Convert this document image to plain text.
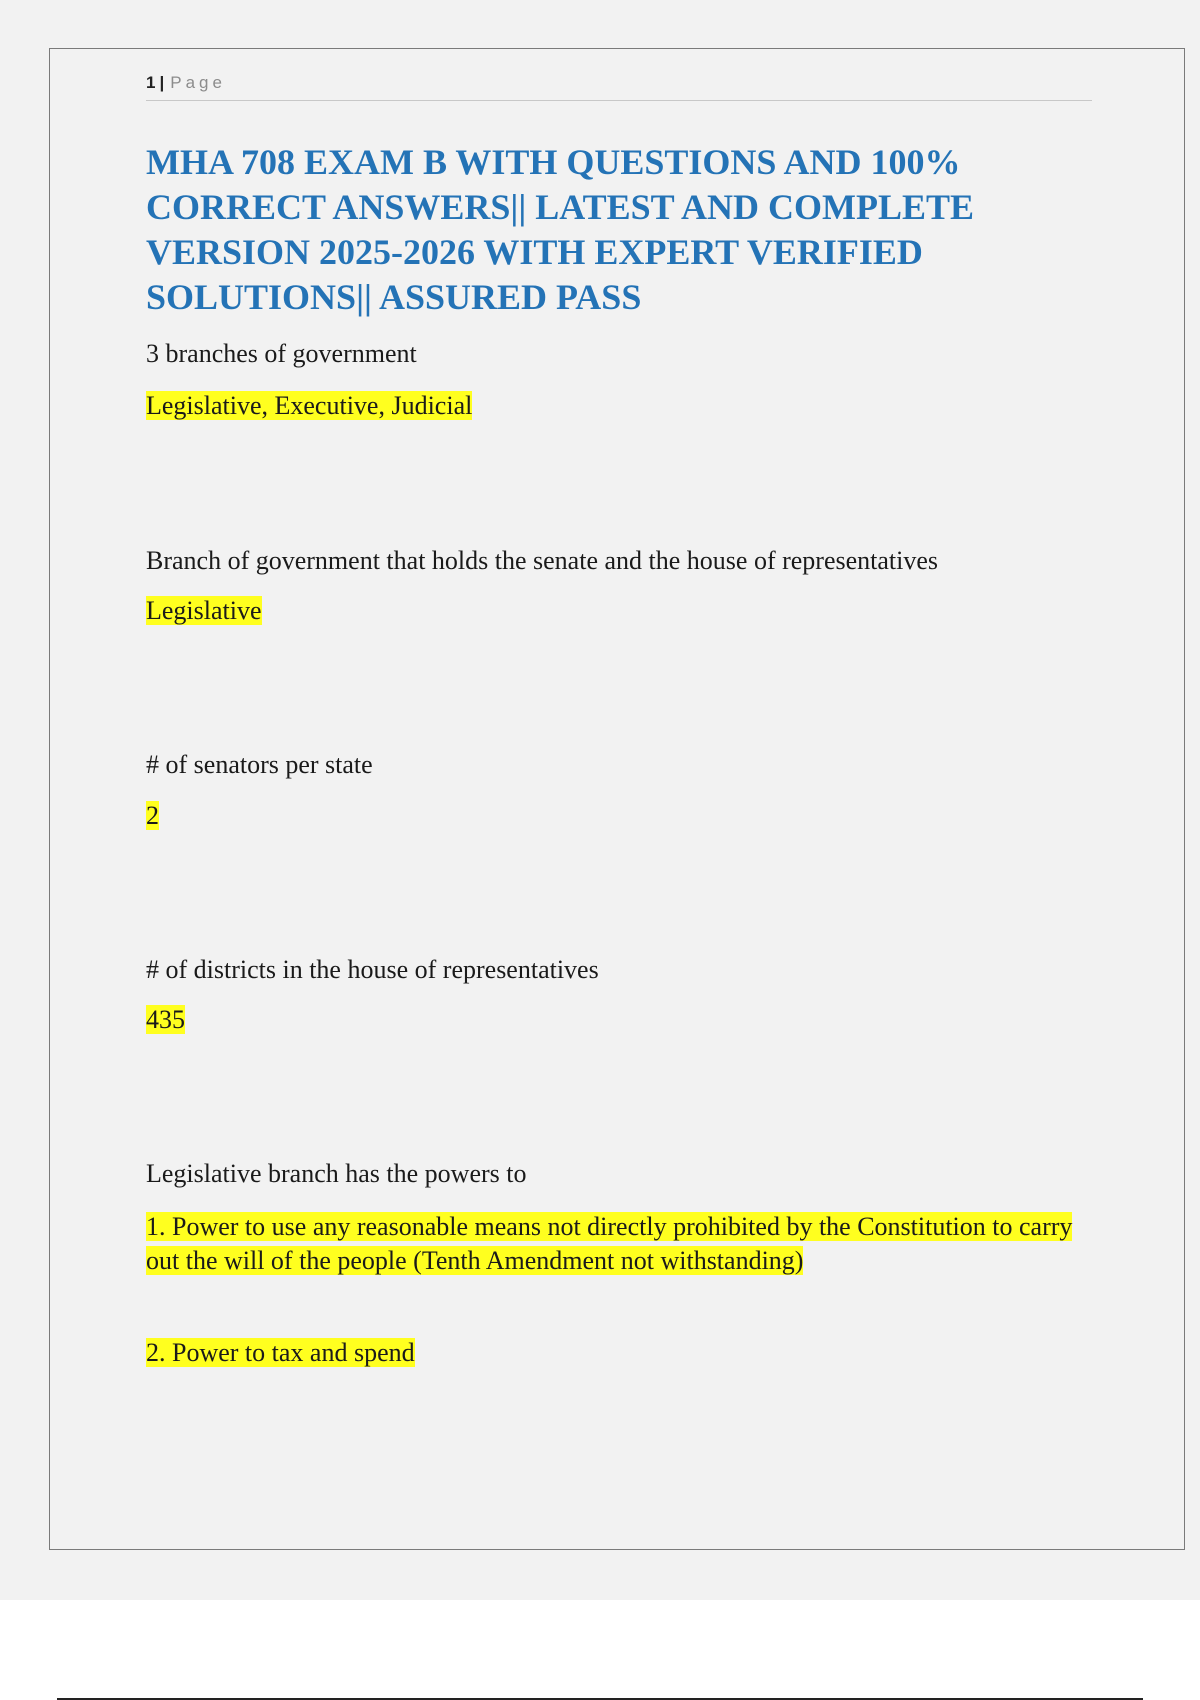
1 | Page
MHA 708 EXAM B WITH QUESTIONS AND 100% CORRECT ANSWERS|| LATEST AND COMPLETE VERSION 2025-2026 WITH EXPERT VERIFIED SOLUTIONS|| ASSURED PASS

3 branches of government

Legislative, Executive, Judicial

Branch of government that holds the senate and the house of representatives

Legislative

# of senators per state

2

# of districts in the house of representatives

435

Legislative branch has the powers to

1. Power to use any reasonable means not directly prohibited by the Constitution to carry out the will of the people (Tenth Amendment not withstanding)

2. Power to tax and spend
